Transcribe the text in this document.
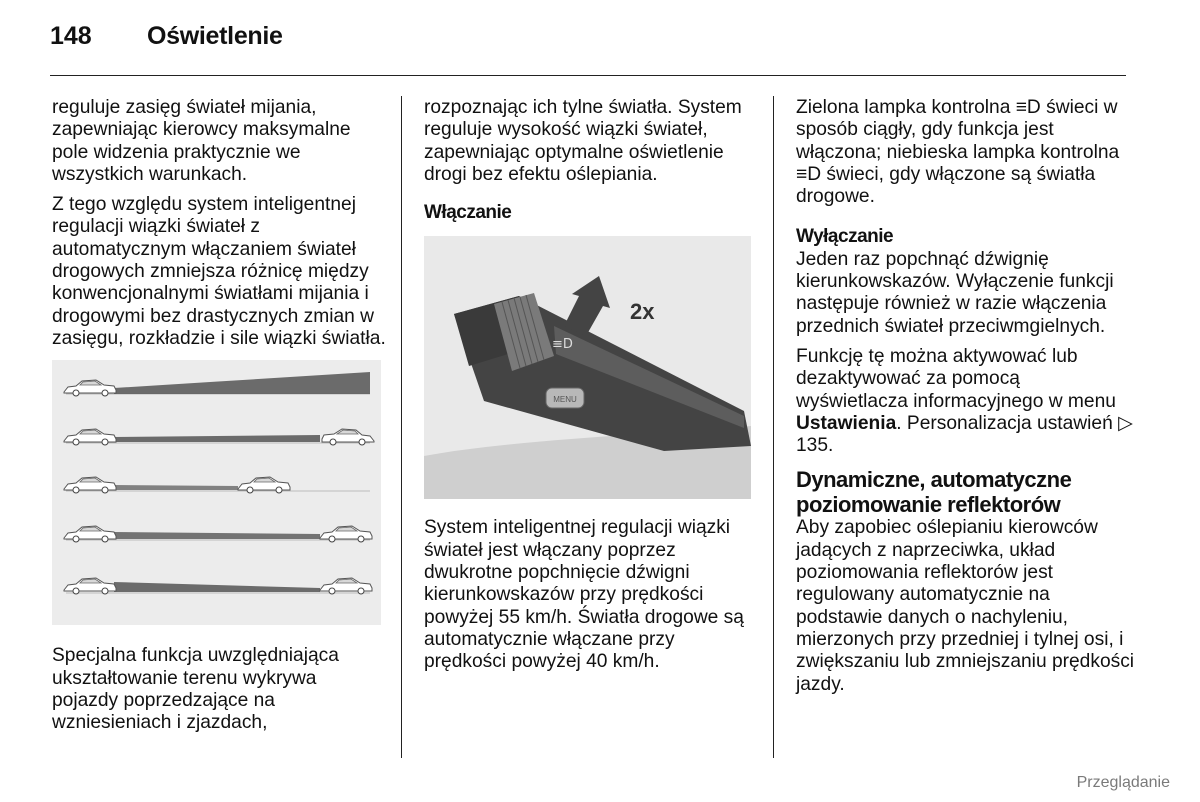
148 Oświetlenie

reguluje zasięg świateł mijania, zapewniając kierowcy maksymalne pole widzenia praktycznie we wszystkich warunkach.

Z tego względu system inteligentnej regulacji wiązki świateł z automatycznym włączaniem świateł drogowych zmniejsza różnicę między konwencjonalnymi światłami mijania i drogowymi bez drastycznych zmian w zasięgu, rozkładzie i sile wiązki światła.

Specjalna funkcja uwzględniająca ukształtowanie terenu wykrywa pojazdy poprzedzające na wzniesieniach i zjazdach,

rozpoznając ich tylne światła. System reguluje wysokość wiązki świateł, zapewniając optymalne oświetlenie drogi bez efektu oślepiania.

Włączanie
MENU
≡D
2x

System inteligentnej regulacji wiązki świateł jest włączany poprzez dwukrotne popchnięcie dźwigni kierunkowskazów przy prędkości powyżej 55 km/h. Światła drogowe są automatycznie włączane przy prędkości powyżej 40 km/h.

Zielona lampka kontrolna ≡D świeci w sposób ciągły, gdy funkcja jest włączona; niebieska lampka kontrolna ≡D świeci, gdy włączone są światła drogowe.

Wyłączanie

Jeden raz popchnąć dźwignię kierunkowskazów. Wyłączenie funkcji następuje również w razie włączenia przednich świateł przeciwmgielnych.

Funkcję tę można aktywować lub dezaktywować za pomocą wyświetlacza informacyjnego w menu Ustawienia. Personalizacja ustawień ▷ 135.

Dynamiczne, automatyczne poziomowanie reflektorów

Aby zapobiec oślepianiu kierowców jadących z naprzeciwka, układ poziomowania reflektorów jest regulowany automatycznie na podstawie danych o nachyleniu, mierzonych przy przedniej i tylnej osi, i zwiększaniu lub zmniejszaniu prędkości jazdy.

Przeglądanie
